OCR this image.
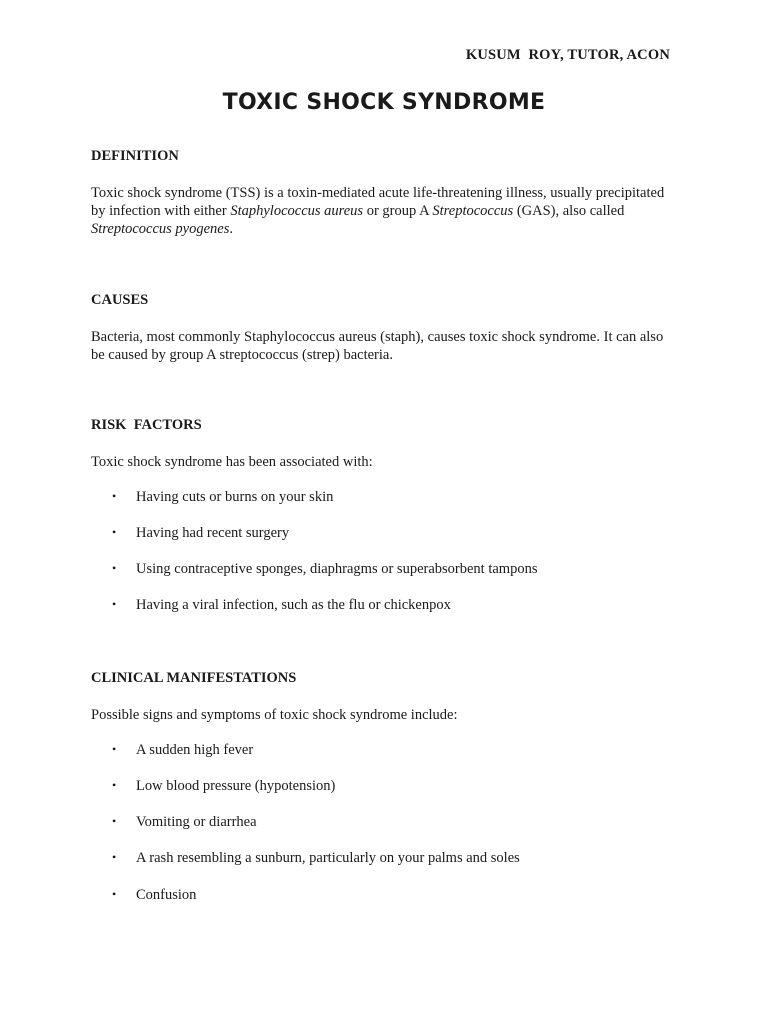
KUSUM  ROY, TUTOR, ACON
TOXIC SHOCK SYNDROME
DEFINITION
Toxic shock syndrome (TSS) is a toxin-mediated acute life-threatening illness, usually precipitated by infection with either Staphylococcus aureus or group A Streptococcus (GAS), also called Streptococcus pyogenes.
CAUSES
Bacteria, most commonly Staphylococcus aureus (staph), causes toxic shock syndrome. It can also be caused by group A streptococcus (strep) bacteria.
RISK  FACTORS
Toxic shock syndrome has been associated with:
• Having cuts or burns on your skin
• Having had recent surgery
• Using contraceptive sponges, diaphragms or superabsorbent tampons
• Having a viral infection, such as the flu or chickenpox
CLINICAL MANIFESTATIONS
Possible signs and symptoms of toxic shock syndrome include:
• A sudden high fever
• Low blood pressure (hypotension)
• Vomiting or diarrhea
• A rash resembling a sunburn, particularly on your palms and soles
• Confusion
